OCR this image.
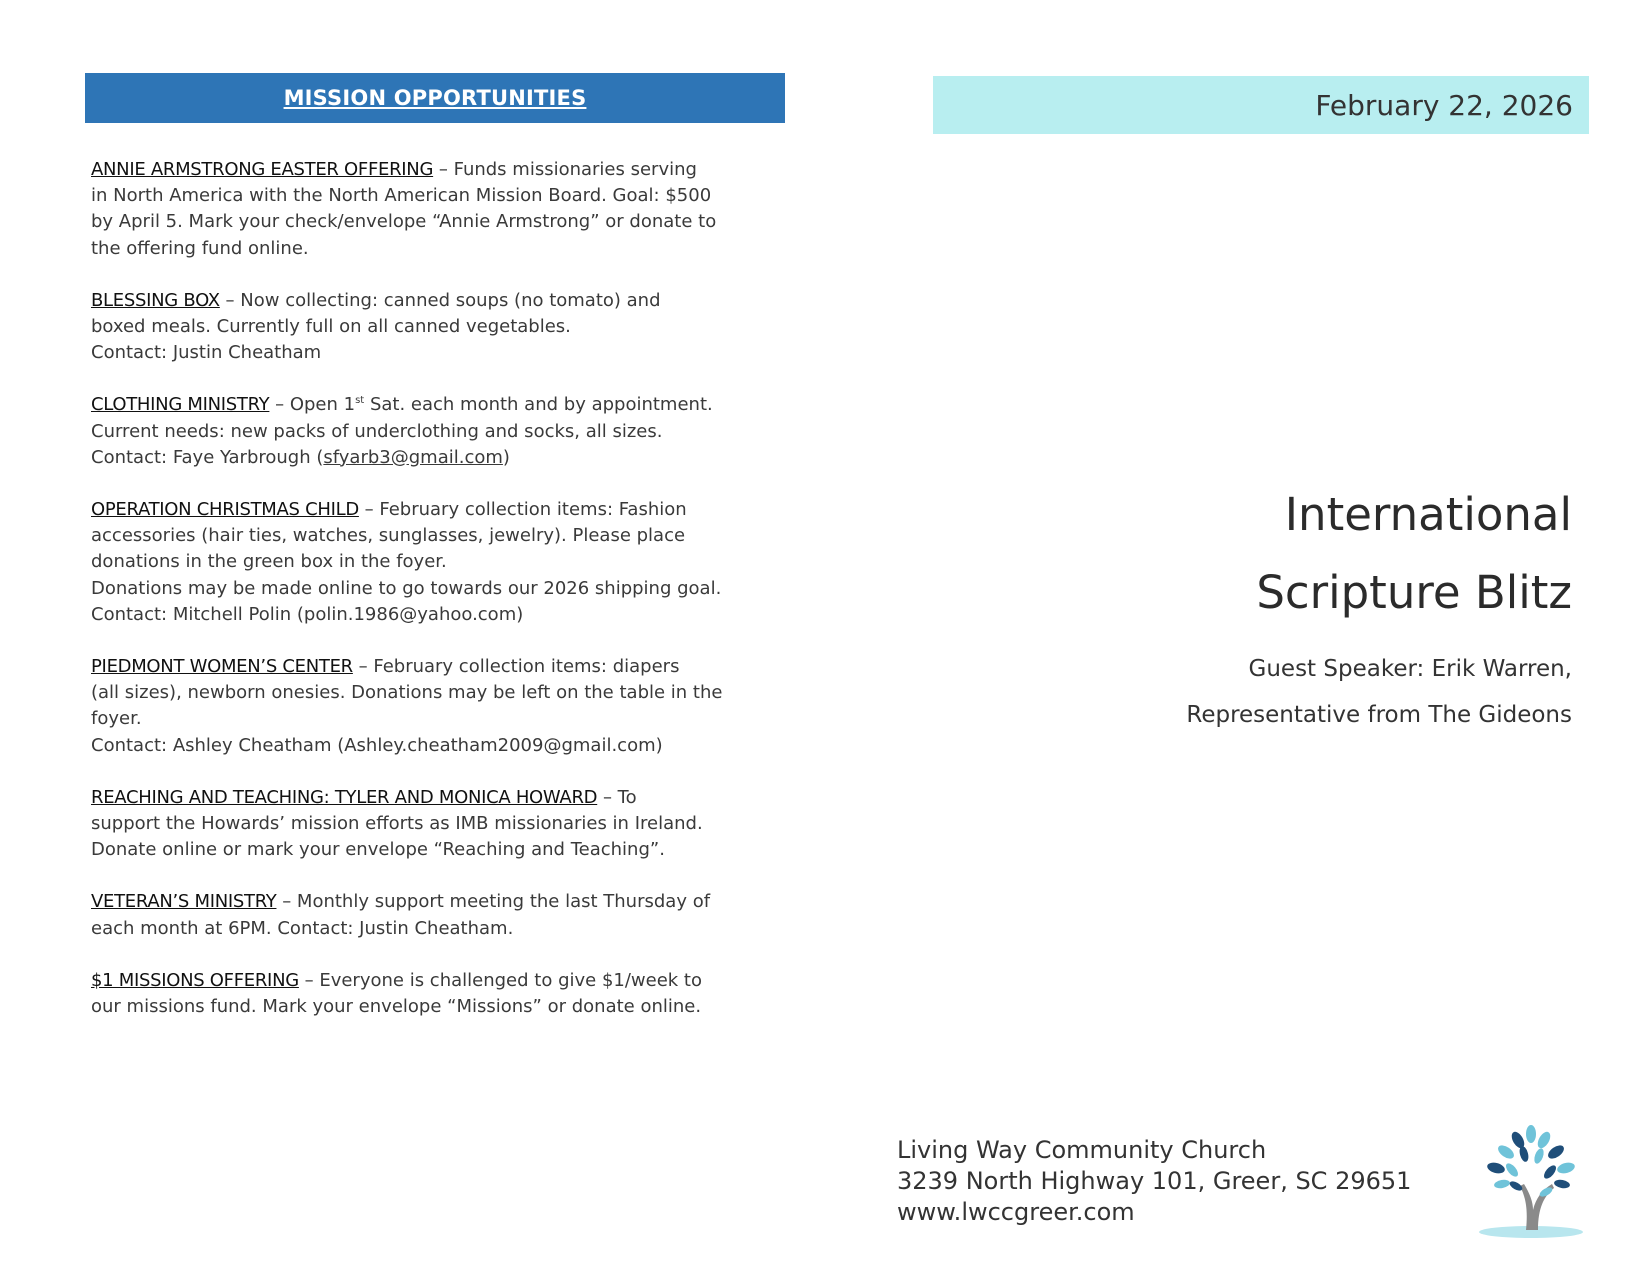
MISSION OPPORTUNITIES
ANNIE ARMSTRONG EASTER OFFERING – Funds missionaries serving
in North America with the North American Mission Board. Goal: $500
by April 5. Mark your check/envelope “Annie Armstrong” or donate to
the offering fund online.
BLESSING BOX – Now collecting: canned soups (no tomato) and
boxed meals. Currently full on all canned vegetables.
Contact: Justin Cheatham
CLOTHING MINISTRY – Open 1st Sat. each month and by appointment.
Current needs: new packs of underclothing and socks, all sizes.
Contact: Faye Yarbrough (sfyarb3@gmail.com)
OPERATION CHRISTMAS CHILD – February collection items: Fashion
accessories (hair ties, watches, sunglasses, jewelry). Please place
donations in the green box in the foyer.
Donations may be made online to go towards our 2026 shipping goal.
Contact: Mitchell Polin (polin.1986@yahoo.com)
PIEDMONT WOMEN’S CENTER – February collection items: diapers
(all sizes), newborn onesies. Donations may be left on the table in the
foyer.
Contact: Ashley Cheatham (Ashley.cheatham2009@gmail.com)
REACHING AND TEACHING: TYLER AND MONICA HOWARD – To
support the Howards’ mission efforts as IMB missionaries in Ireland.
Donate online or mark your envelope “Reaching and Teaching”.
VETERAN’S MINISTRY – Monthly support meeting the last Thursday of
each month at 6PM. Contact: Justin Cheatham.
$1 MISSIONS OFFERING – Everyone is challenged to give $1/week to
our missions fund. Mark your envelope “Missions” or donate online.
February 22, 2026
International
Scripture Blitz
Guest Speaker: Erik Warren,
Representative from The Gideons
Living Way Community Church
3239 North Highway 101, Greer, SC 29651
www.lwccgreer.com
